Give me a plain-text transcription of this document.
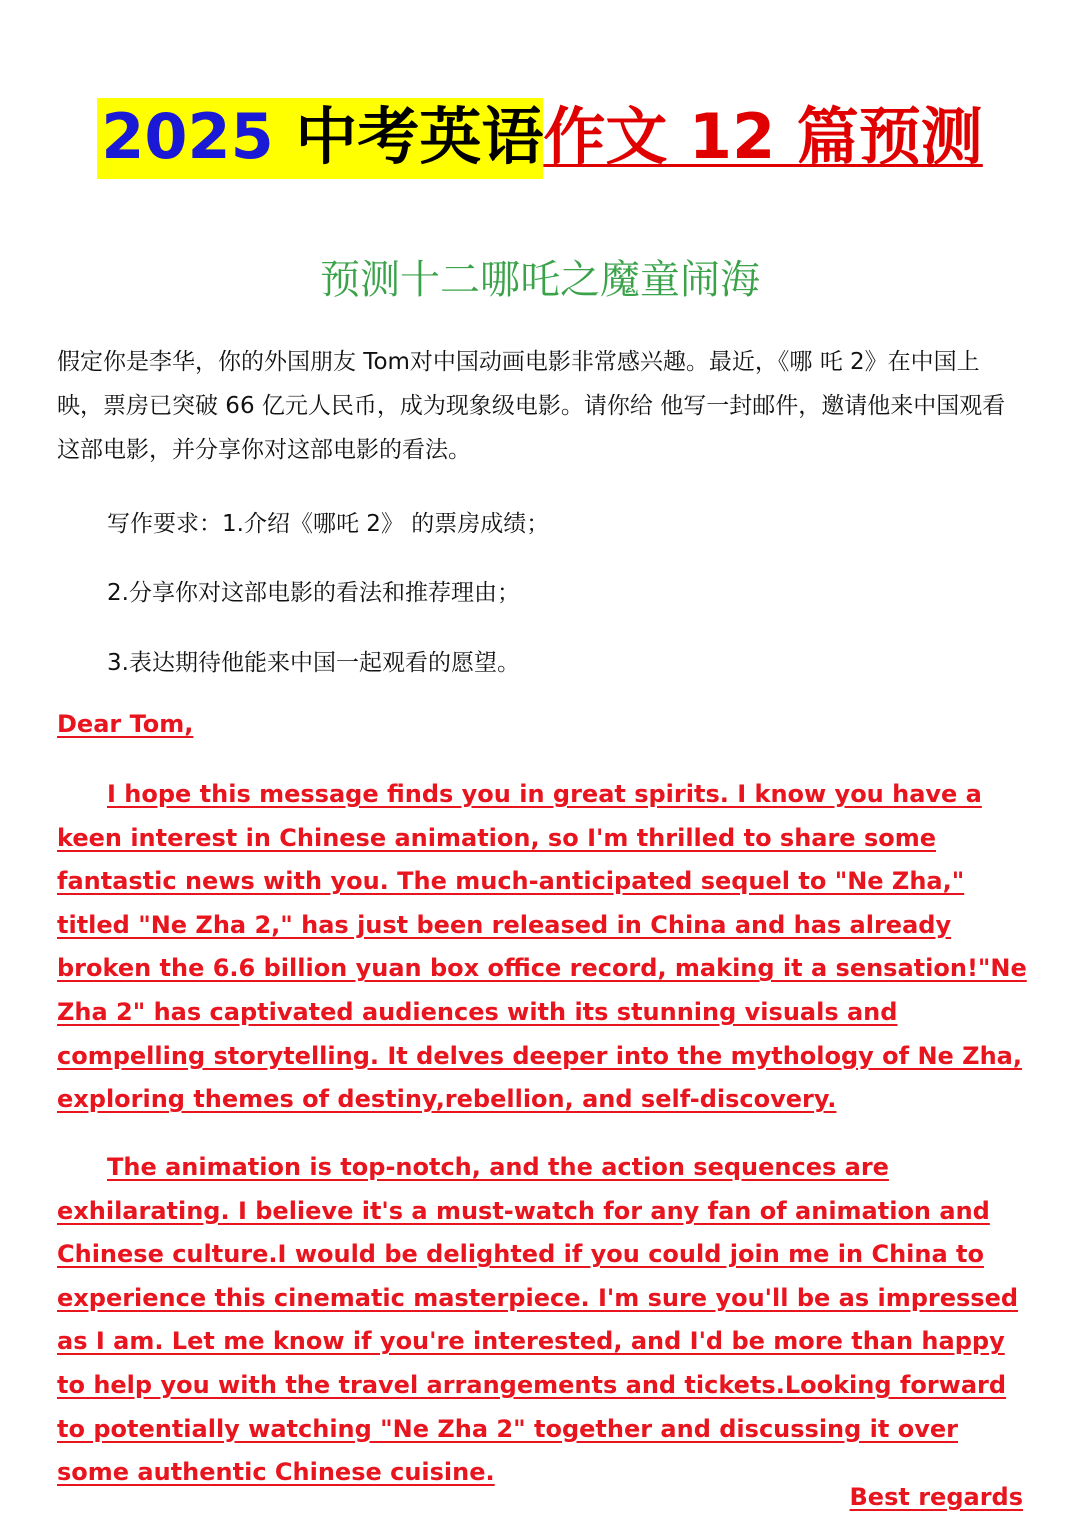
2025 中考英语作文 12 篇预测
预测十二哪吒之魔童闹海
假定你是李华，你的外国朋友 Tom对中国动画电影非常感兴趣。最近，《哪 吒 2》在中国上映，票房已突破 66 亿元人民币，成为现象级电影。请你给 他写一封邮件，邀请他来中国观看这部电影，并分享你对这部电影的看法。
写作要求：1.介绍《哪吒 2》 的票房成绩；
2.分享你对这部电影的看法和推荐理由；
3.表达期待他能来中国一起观看的愿望。
Dear Tom,

I hope this message finds you in great spirits. I know you have a keen interest in Chinese animation, so I'm thrilled to share some fantastic news with you. The much-anticipated sequel to "Ne Zha," titled "Ne Zha 2," has just been released in China and has already broken the 6.6 billion yuan box office record, making it a sensation!"Ne Zha 2" has captivated audiences with its stunning visuals and compelling storytelling. It delves deeper into the mythology of Ne Zha, exploring themes of destiny,rebellion, and self-discovery.

The animation is top-notch, and the action sequences are exhilarating. I believe it's a must-watch for any fan of animation and Chinese culture.I would be delighted if you could join me in China to experience this cinematic masterpiece. I'm sure you'll be as impressed as I am. Let me know if you're interested, and I'd be more than happy to help you with the travel arrangements and tickets.Looking forward to potentially watching "Ne Zha 2" together and discussing it over some authentic Chinese cuisine.

Best regards
